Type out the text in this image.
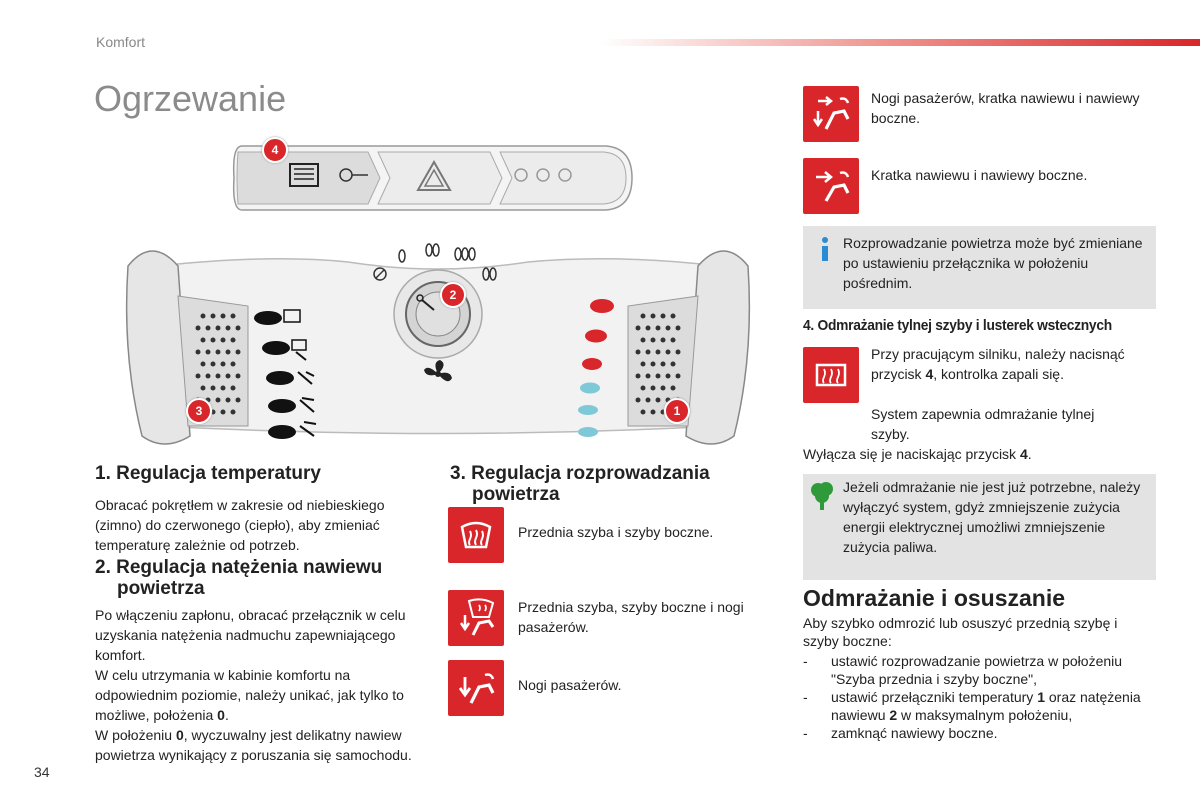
Komfort
Ogrzewanie
4
2
3	1
1. Regulacja temperatury
Obracać pokrętłem w zakresie od niebieskiego (zimno) do czerwonego (ciepło), aby zmieniać temperaturę zależnie od potrzeb.
2. Regulacja natężenia nawiewu
powietrza
Po włączeniu zapłonu, obracać przełącznik w celu uzyskania natężenia nadmuchu zapewniającego komfort.
W celu utrzymania w kabinie komfortu na odpowiednim poziomie, należy unikać, jak tylko to możliwe, położenia 0.
W położeniu 0, wyczuwalny jest delikatny nawiew powietrza wynikający z poruszania się samochodu.
3. Regulacja rozprowadzania
powietrza
Przednia szyba i szyby boczne.
Przednia szyba, szyby boczne i nogi pasażerów.
Nogi pasażerów.
Nogi pasażerów, kratka nawiewu i nawiewy boczne.
Kratka nawiewu i nawiewy boczne.
Rozprowadzanie powietrza może być zmieniane po ustawieniu przełącznika w położeniu pośrednim.
4. Odmrażanie tylnej szyby i lusterek wstecznych
Przy pracującym silniku, należy nacisnąć przycisk 4, kontrolka zapali się.
System zapewnia odmrażanie tylnej szyby.
Wyłącza się je naciskając przycisk 4.
Jeżeli odmrażanie nie jest już potrzebne, należy wyłączyć system, gdyż zmniejszenie zużycia energii elektrycznej umożliwi zmniejszenie zużycia paliwa.
Odmrażanie i osuszanie
Aby szybko odmrozić lub osuszyć przednią szybę i szyby boczne:
- ustawić rozprowadzanie powietrza w położeniu "Szyba przednia i szyby boczne",
- ustawić przełączniki temperatury 1 oraz natężenia nawiewu 2 w maksymalnym położeniu,
- zamknąć nawiewy boczne.
34
